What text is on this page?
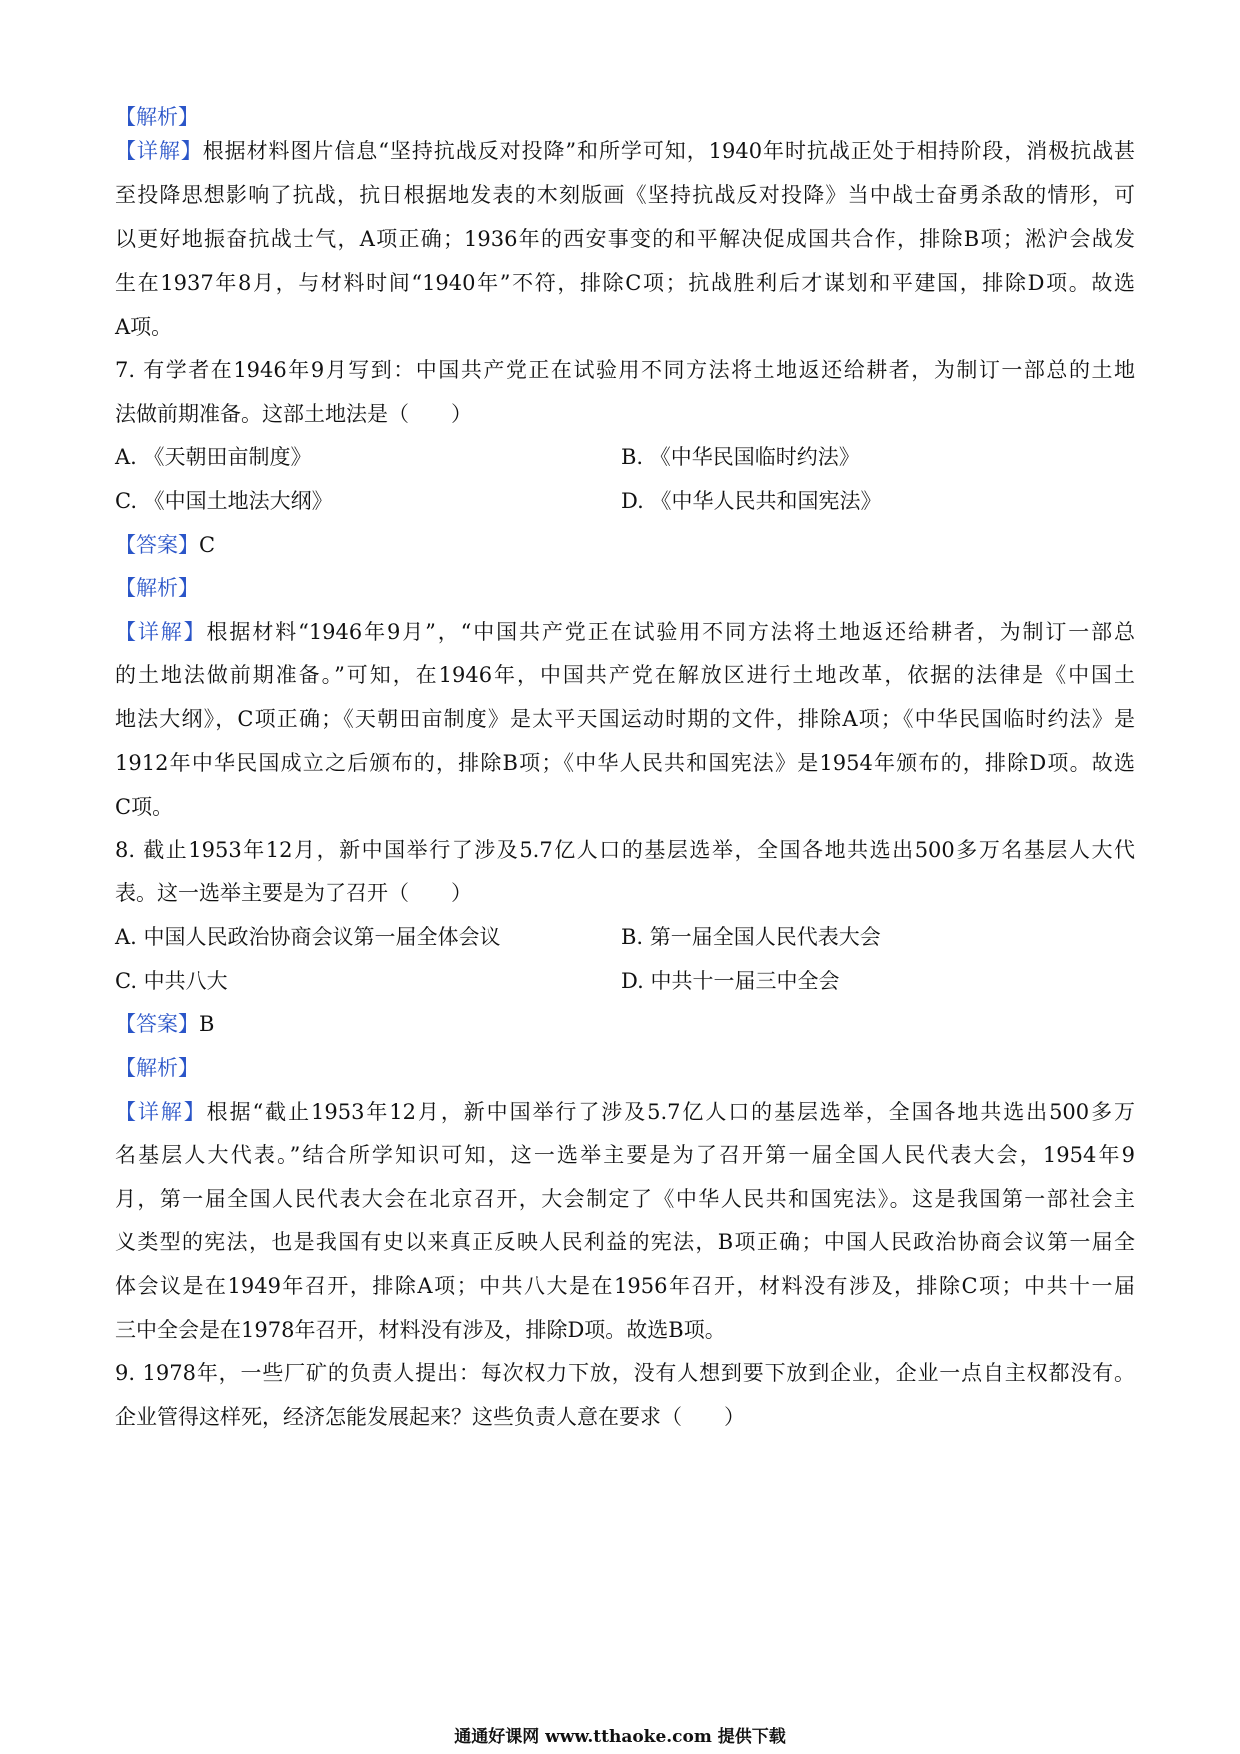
【解析】
【详解】根据材料图片信息“坚持抗战反对投降”和所学可知，1940年时抗战正处于相持阶段，消极抗战甚
至投降思想影响了抗战，抗日根据地发表的木刻版画《坚持抗战反对投降》当中战士奋勇杀敌的情形，可
以更好地振奋抗战士气，A项正确；1936年的西安事变的和平解决促成国共合作，排除B项；淞沪会战发
生在1937年8月，与材料时间“1940年”不符，排除C项；抗战胜利后才谋划和平建国，排除D项。故选
A项。
7. 有学者在1946年9月写到：中国共产党正在试验用不同方法将土地返还给耕者，为制订一部总的土地
法做前期准备。这部土地法是（　　）
A. 《天朝田亩制度》	B. 《中华民国临时约法》
C. 《中国土地法大纲》	D. 《中华人民共和国宪法》
【答案】C
【解析】
【详解】根据材料“1946年9月”，“中国共产党正在试验用不同方法将土地返还给耕者，为制订一部总
的土地法做前期准备。”可知，在1946年，中国共产党在解放区进行土地改革，依据的法律是《中国土
地法大纲》，C项正确；《天朝田亩制度》是太平天国运动时期的文件，排除A项；《中华民国临时约法》是
1912年中华民国成立之后颁布的，排除B项；《中华人民共和国宪法》是1954年颁布的，排除D项。故选
C项。
8. 截止1953年12月，新中国举行了涉及5.7亿人口的基层选举，全国各地共选出500多万名基层人大代
表。这一选举主要是为了召开（　　）
A. 中国人民政治协商会议第一届全体会议	B. 第一届全国人民代表大会
C. 中共八大	D. 中共十一届三中全会
【答案】B
【解析】
【详解】根据“截止1953年12月，新中国举行了涉及5.7亿人口的基层选举，全国各地共选出500多万
名基层人大代表。”结合所学知识可知，这一选举主要是为了召开第一届全国人民代表大会，1954年9
月，第一届全国人民代表大会在北京召开，大会制定了《中华人民共和国宪法》。这是我国第一部社会主
义类型的宪法，也是我国有史以来真正反映人民利益的宪法，B项正确；中国人民政治协商会议第一届全
体会议是在1949年召开，排除A项；中共八大是在1956年召开，材料没有涉及，排除C项；中共十一届
三中全会是在1978年召开，材料没有涉及，排除D项。故选B项。
9. 1978年，一些厂矿的负责人提出：每次权力下放，没有人想到要下放到企业，企业一点自主权都没有。
企业管得这样死，经济怎能发展起来？这些负责人意在要求（　　）
通通好课网 www.tthaoke.com 提供下载
